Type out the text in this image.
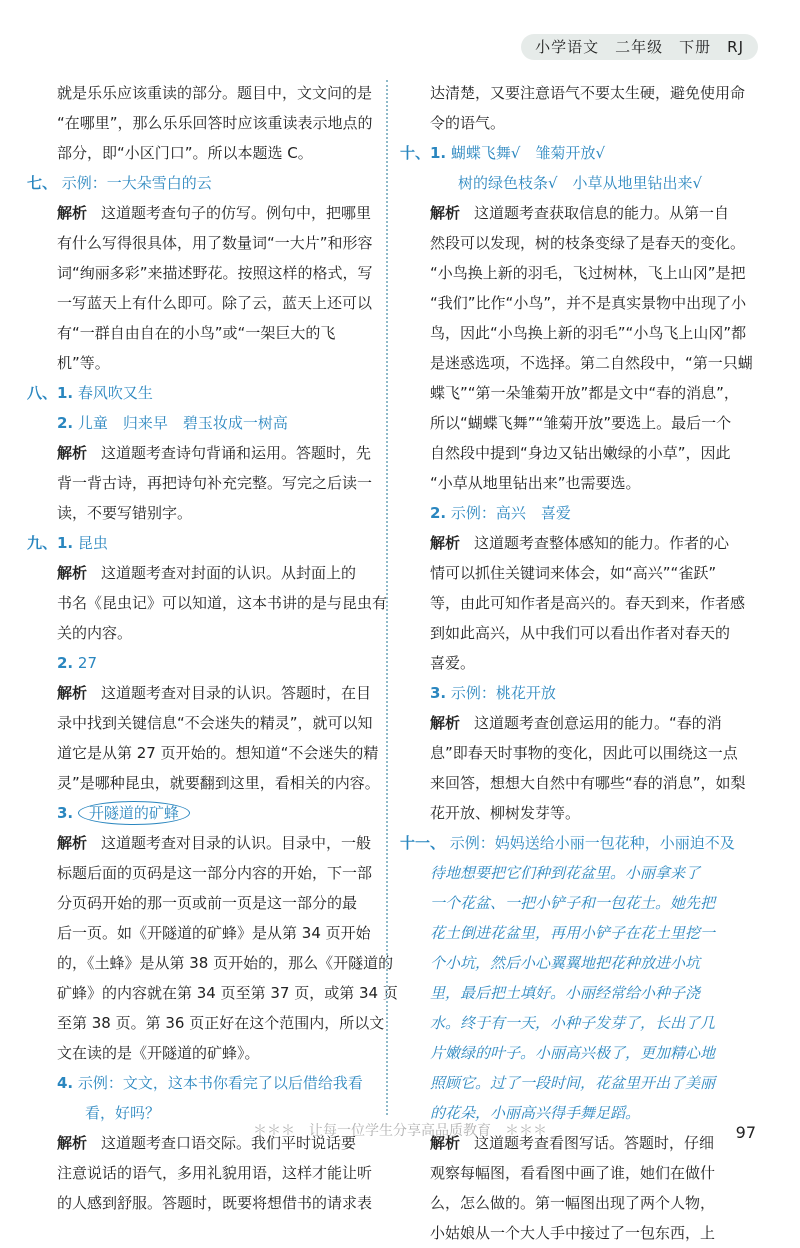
小学语文　二年级　下册　RJ
就是乐乐应该重读的部分。题目中，文文问的是
“在哪里”，那么乐乐回答时应该重读表示地点的
部分，即“小区门口”。所以本题选 C。
七、 示例：一大朵雪白的云
解析 这道题考查句子的仿写。例句中，把哪里
有什么写得很具体，用了数量词“一大片”和形容
词“绚丽多彩”来描述野花。按照这样的格式，写
一写蓝天上有什么即可。除了云，蓝天上还可以
有“一群自由自在的小鸟”或“一架巨大的飞
机”等。
八、1. 春风吹又生
2. 儿童　归来早　碧玉妆成一树高
解析 这道题考查诗句背诵和运用。答题时，先
背一背古诗，再把诗句补充完整。写完之后读一
读，不要写错别字。
九、1. 昆虫
解析 这道题考查对封面的认识。从封面上的
书名《昆虫记》可以知道，这本书讲的是与昆虫有
关的内容。
2. 27
解析 这道题考查对目录的认识。答题时，在目
录中找到关键信息“不会迷失的精灵”，就可以知
道它是从第 27 页开始的。想知道“不会迷失的精
灵”是哪种昆虫，就要翻到这里，看相关的内容。
3. 开隧道的矿蜂
解析 这道题考查对目录的认识。目录中，一般
标题后面的页码是这一部分内容的开始，下一部
分页码开始的那一页或前一页是这一部分的最
后一页。如《开隧道的矿蜂》是从第 34 页开始
的，《土蜂》是从第 38 页开始的，那么《开隧道的
矿蜂》的内容就在第 34 页至第 37 页，或第 34 页
至第 38 页。第 36 页正好在这个范围内，所以文
文在读的是《开隧道的矿蜂》。
4. 示例：文文，这本书你看完了以后借给我看
看，好吗？
解析 这道题考查口语交际。我们平时说话要
注意说话的语气，多用礼貌用语，这样才能让听
的人感到舒服。答题时，既要将想借书的请求表
达清楚，又要注意语气不要太生硬，避免使用命
令的语气。
十、1. 蝴蝶飞舞√　雏菊开放√
树的绿色枝条√　小草从地里钻出来√
解析 这道题考查获取信息的能力。从第一自
然段可以发现，树的枝条变绿了是春天的变化。
“小鸟换上新的羽毛，飞过树林，飞上山冈”是把
“我们”比作“小鸟”，并不是真实景物中出现了小
鸟，因此“小鸟换上新的羽毛”“小鸟飞上山冈”都
是迷惑选项，不选择。第二自然段中，“第一只蝴
蝶飞”“第一朵雏菊开放”都是文中“春的消息”，
所以“蝴蝶飞舞”“雏菊开放”要选上。最后一个
自然段中提到“身边又钻出嫩绿的小草”，因此
“小草从地里钻出来”也需要选。
2. 示例：高兴　喜爱
解析 这道题考查整体感知的能力。作者的心
情可以抓住关键词来体会，如“高兴”“雀跃”
等，由此可知作者是高兴的。春天到来，作者感
到如此高兴，从中我们可以看出作者对春天的
喜爱。
3. 示例：桃花开放
解析 这道题考查创意运用的能力。“春的消
息”即春天时事物的变化，因此可以围绕这一点
来回答，想想大自然中有哪些“春的消息”，如梨
花开放、柳树发芽等。
十一、 示例：妈妈送给小丽一包花种，小丽迫不及
待地想要把它们种到花盆里。小丽拿来了
一个花盆、一把小铲子和一包花土。她先把
花土倒进花盆里，再用小铲子在花土里挖一
个小坑，然后小心翼翼地把花种放进小坑
里，最后把土填好。小丽经常给小种子浇
水。终于有一天，小种子发芽了，长出了几
片嫩绿的叶子。小丽高兴极了，更加精心地
照顾它。过了一段时间，花盆里开出了美丽
的花朵，小丽高兴得手舞足蹈。
解析 这道题考查看图写话。答题时，仔细
观察每幅图，看看图中画了谁，她们在做什
么，怎么做的。第一幅图出现了两个人物，
小姑娘从一个大人手中接过了一包东西，上
＊＊＊　让每一位学生分享高品质教育　＊＊＊	97
